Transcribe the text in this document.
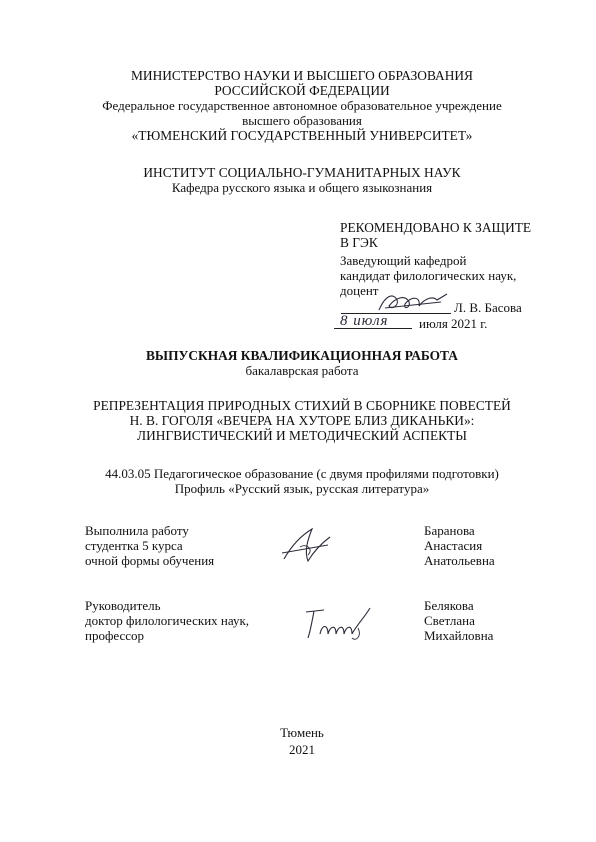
МИНИСТЕРСТВО НАУКИ И ВЫСШЕГО ОБРАЗОВАНИЯ
РОССИЙСКОЙ ФЕДЕРАЦИИ
Федеральное государственное автономное образовательное учреждение
высшего образования
«ТЮМЕНСКИЙ ГОСУДАРСТВЕННЫЙ УНИВЕРСИТЕТ»
ИНСТИТУТ СОЦИАЛЬНО-ГУМАНИТАРНЫХ НАУК
Кафедра русского языка и общего языкознания
РЕКОМЕНДОВАНО К ЗАЩИТЕ
В ГЭК
Заведующий кафедрой
кандидат филологических наук,
доцент
Л. В. Басова
8 июля июля 2021 г.
ВЫПУСКНАЯ КВАЛИФИКАЦИОННАЯ РАБОТА
бакалаврская работа
РЕПРЕЗЕНТАЦИЯ ПРИРОДНЫХ СТИХИЙ В СБОРНИКЕ ПОВЕСТЕЙ
Н. В. ГОГОЛЯ «ВЕЧЕРА НА ХУТОРЕ БЛИЗ ДИКАНЬКИ»:
ЛИНГВИСТИЧЕСКИЙ И МЕТОДИЧЕСКИЙ АСПЕКТЫ
44.03.05 Педагогическое образование (с двумя профилями подготовки)
Профиль «Русский язык, русская литература»
Выполнила работу
студентка 5 курса
очной формы обучения
Баранова
Анастасия
Анатольевна
Руководитель
доктор филологических наук,
профессор
Белякова
Светлана
Михайловна
Тюмень
2021
